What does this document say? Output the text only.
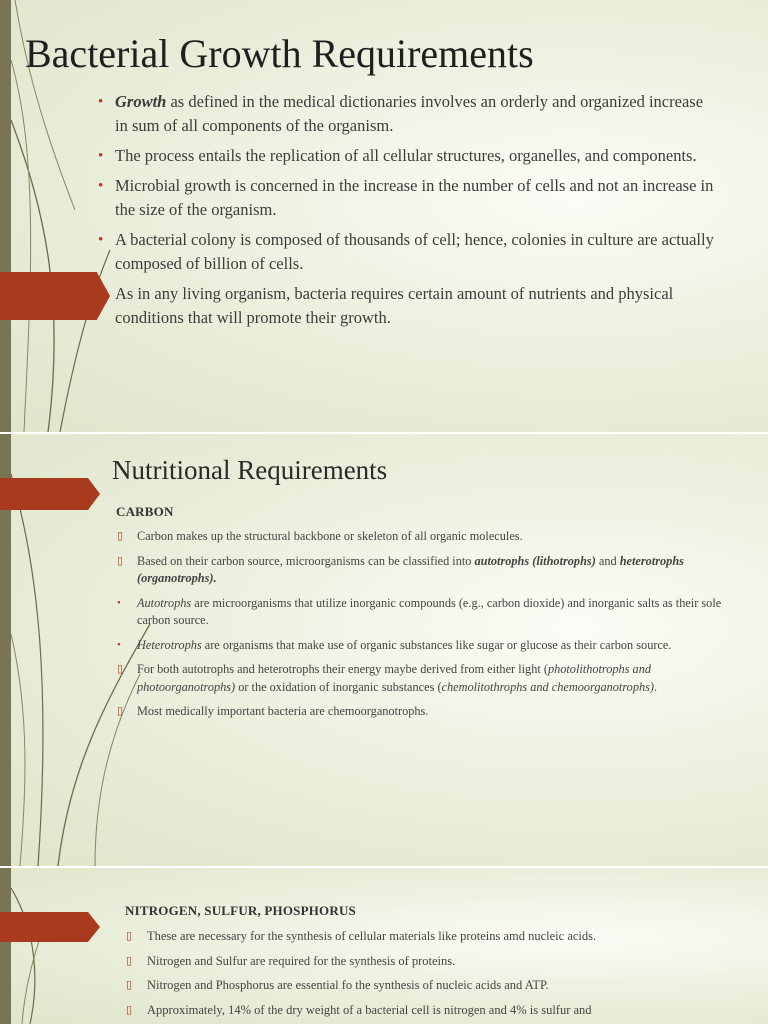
Bacterial Growth Requirements
• Growth as defined in the medical dictionaries involves an orderly and organized increase in sum of all components of the organism.
• The process entails the replication of all cellular structures, organelles, and components.
• Microbial growth is concerned in the increase in the number of cells and not an increase in the size of the organism.
• A bacterial colony is composed of thousands of cell; hence, colonies in culture are actually composed of billion of cells.
• As in any living organism, bacteria requires certain amount of nutrients and physical conditions that will promote their growth.
Nutritional Requirements
CARBON
▯ Carbon makes up the structural backbone or skeleton of all organic molecules.
▯ Based on their carbon source, microorganisms can be classified into autotrophs (lithotrophs) and heterotrophs (organotrophs).
• Autotrophs are microorganisms that utilize inorganic compounds (e.g., carbon dioxide) and inorganic salts as their sole carbon source.
• Heterotrophs are organisms that make use of organic substances like sugar or glucose as their carbon source.
▯ For both autotrophs and heterotrophs their energy maybe derived from either light (photolithotrophs and photoorganotrophs) or the oxidation of inorganic substances (chemolitothrophs and chemoorganotrophs).
▯ Most medically important bacteria are chemoorganotrophs.
NITROGEN, SULFUR, PHOSPHORUS
▯ These are necessary for the synthesis of cellular materials like proteins amd nucleic acids.
▯ Nitrogen and Sulfur are required for the synthesis of proteins.
▯ Nitrogen and Phosphorus are essential fo the synthesis of nucleic acids and ATP.
▯ Approximately, 14% of the dry weight of a bacterial cell is nitrogen and 4% is sulfur and
